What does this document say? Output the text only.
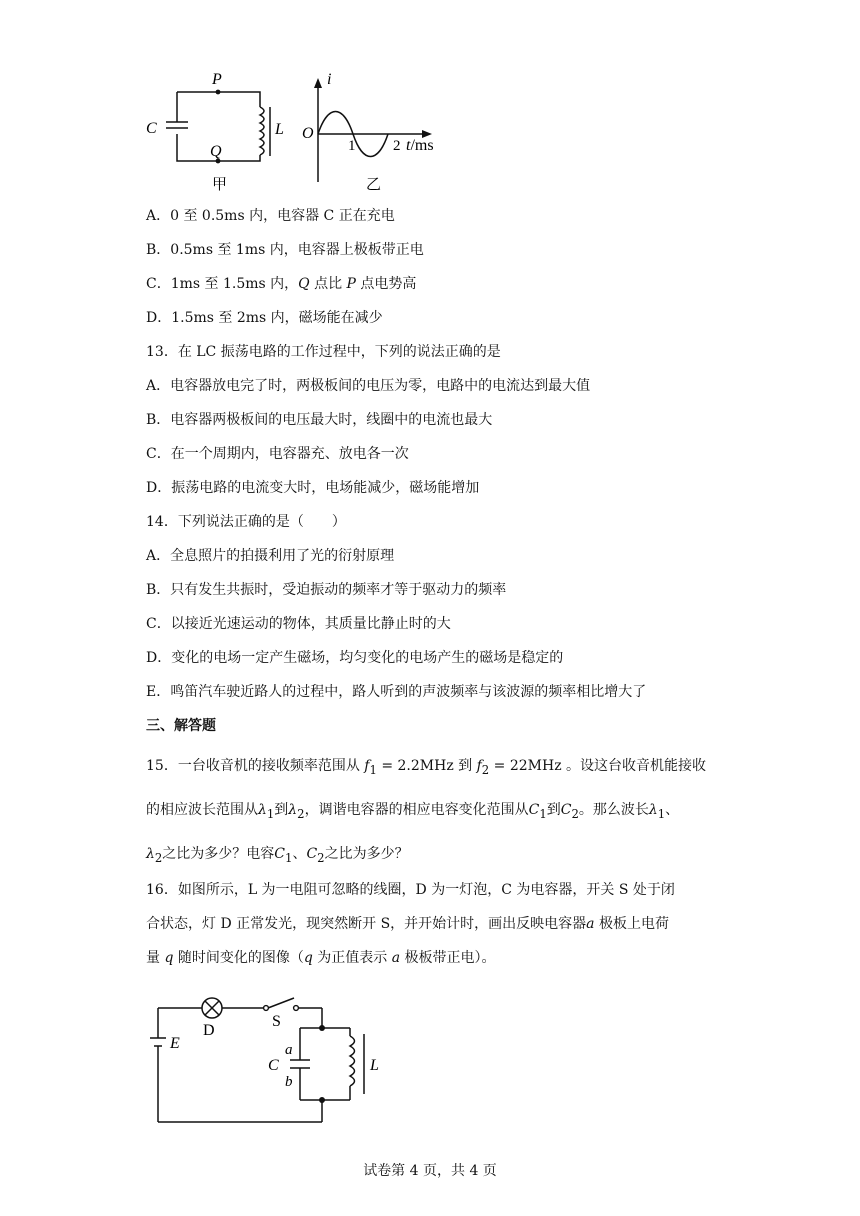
P
Q
C	L
甲
i
O
1	2 t/ms
乙
A．0 至 0.5ms 内，电容器 C 正在充电
B．0.5ms 至 1ms 内，电容器上极板带正电
C．1ms 至 1.5ms 内，Q 点比 P 点电势高
D．1.5ms 至 2ms 内，磁场能在减少
13．在 LC 振荡电路的工作过程中，下列的说法正确的是
A．电容器放电完了时，两极板间的电压为零，电路中的电流达到最大值
B．电容器两极板间的电压最大时，线圈中的电流也最大
C．在一个周期内，电容器充、放电各一次
D．振荡电路的电流变大时，电场能减少，磁场能增加
14．下列说法正确的是（　　）
A．全息照片的拍摄利用了光的衍射原理
B．只有发生共振时，受迫振动的频率才等于驱动力的频率
C．以接近光速运动的物体，其质量比静止时的大
D．变化的电场一定产生磁场，均匀变化的电场产生的磁场是稳定的
E．鸣笛汽车驶近路人的过程中，路人听到的声波频率与该波源的频率相比增大了
三、解答题
15．一台收音机的接收频率范围从 $f_1 = 2.2MHz$ 到 $f_2 = 22MHz$ 。设这台收音机能接收
的相应波长范围从$\lambda_1$到$\lambda_2$，调谐电容器的相应电容变化范围从$C_1$到$C_2$。那么波长$\lambda_1$、
$\lambda_2$之比为多少？电容$C_1$、$C_2$之比为多少？
16．如图所示，L 为一电阻可忽略的线圈，D 为一灯泡，C 为电容器，开关 S 处于闭
合状态，灯 D 正常发光，现突然断开 S，并开始计时，画出反映电容器a 极板上电荷
量 q 随时间变化的图像（q 为正值表示 a 极板带正电）。
D
S
E
C
a
b
L
试卷第 4 页，共 4 页
